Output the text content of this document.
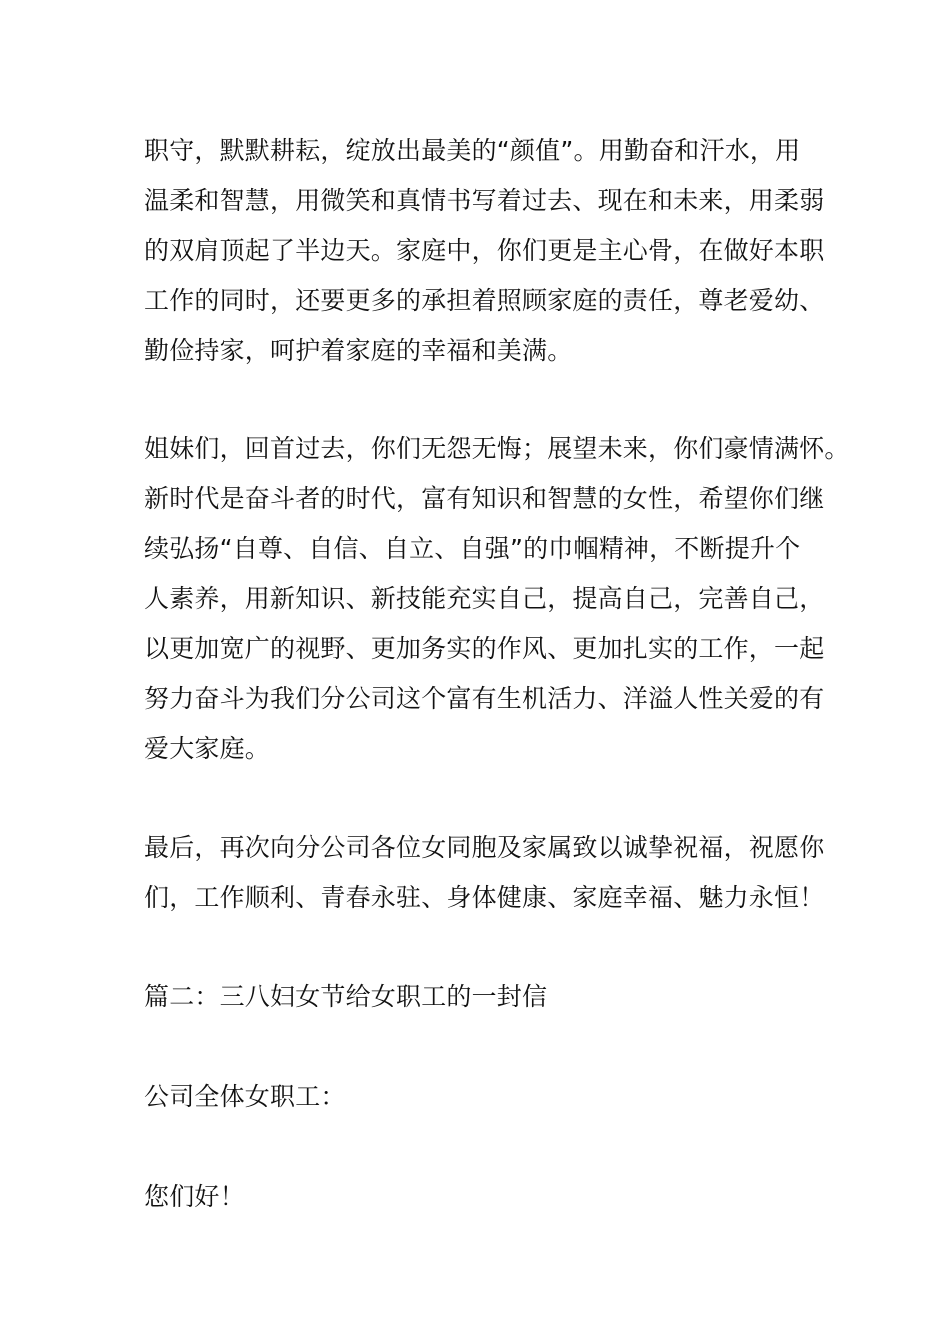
职守，默默耕耘，绽放出最美的“颜值”。用勤奋和汗水，用
温柔和智慧，用微笑和真情书写着过去、现在和未来，用柔弱
的双肩顶起了半边天。家庭中，你们更是主心骨，在做好本职
工作的同时，还要更多的承担着照顾家庭的责任，尊老爱幼、
勤俭持家，呵护着家庭的幸福和美满。
姐妹们，回首过去，你们无怨无悔；展望未来，你们豪情满怀。
新时代是奋斗者的时代，富有知识和智慧的女性，希望你们继
续弘扬“自尊、自信、自立、自强”的巾帼精神，不断提升个
人素养，用新知识、新技能充实自己，提高自己，完善自己，
以更加宽广的视野、更加务实的作风、更加扎实的工作，一起
努力奋斗为我们分公司这个富有生机活力、洋溢人性关爱的有
爱大家庭。
最后，再次向分公司各位女同胞及家属致以诚挚祝福，祝愿你
们，工作顺利、青春永驻、身体健康、家庭幸福、魅力永恒！
篇二：三八妇女节给女职工的一封信
公司全体女职工：
您们好！
